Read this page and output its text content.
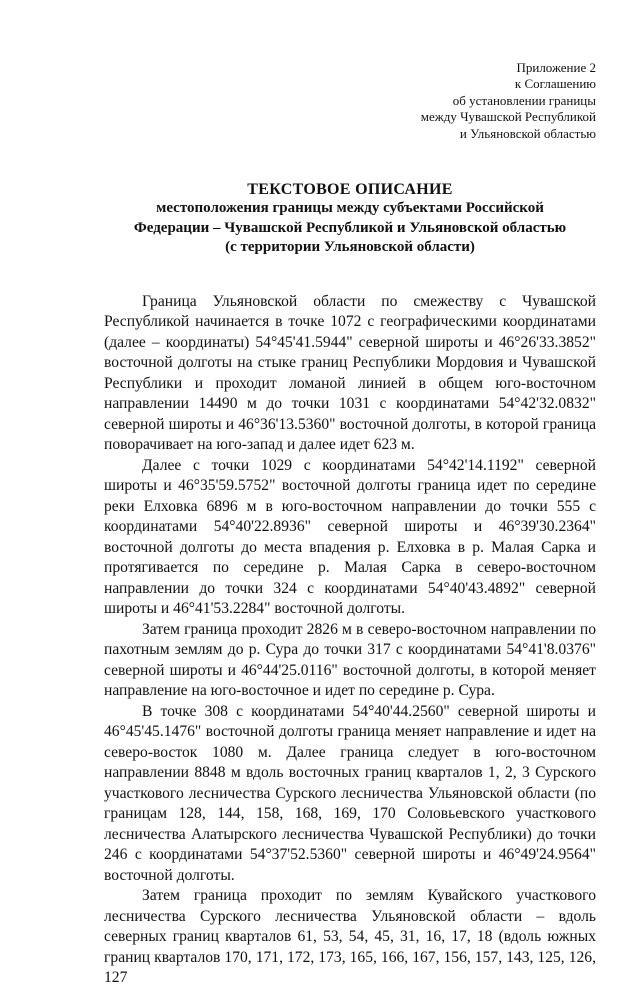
Приложение 2
к Соглашению
об установлении границы
между Чувашской Республикой
и Ульяновской областью
ТЕКСТОВОЕ ОПИСАНИЕ
местоположения границы между субъектами Российской
Федерации – Чувашской Республикой и Ульяновской областью
(с территории Ульяновской области)

Граница Ульяновской области по смежеству с Чувашской Республикой начинается в точке 1072 с географическими координатами (далее – координаты) 54°45'41.5944" северной широты и 46°26'33.3852" восточной долготы на стыке границ Республики Мордовия и Чувашской Республики и проходит ломаной линией в общем юго-восточном направлении 14490 м до точки 1031 с координатами 54°42'32.0832" северной широты и 46°36'13.5360" восточной долготы, в которой граница поворачивает на юго-запад и далее идет 623 м.

Далее с точки 1029 с координатами 54°42'14.1192" северной широты и 46°35'59.5752" восточной долготы граница идет по середине реки Елховка 6896 м в юго-восточном направлении до точки 555 с координатами 54°40'22.8936" северной широты и 46°39'30.2364" восточной долготы до места впадения р. Елховка в р. Малая Сарка и протягивается по середине р. Малая Сарка в северо-восточном направлении до точки 324 с координатами 54°40'43.4892" северной широты и 46°41'53.2284" восточной долготы.

Затем граница проходит 2826 м в северо-восточном направлении по пахотным землям до р. Сура до точки 317 с координатами 54°41'8.0376" северной широты и 46°44'25.0116" восточной долготы, в которой меняет направление на юго-восточное и идет по середине р. Сура.

В точке 308 с координатами 54°40'44.2560" северной широты и 46°45'45.1476" восточной долготы граница меняет направление и идет на северо-восток 1080 м. Далее граница следует в юго-восточном направлении 8848 м вдоль восточных границ кварталов 1, 2, 3 Сурского участкового лесничества Сурского лесничества Ульяновской области (по границам 128, 144, 158, 168, 169, 170 Соловьевского участкового лесничества Алатырского лесничества Чувашской Республики) до точки 246 с координатами 54°37'52.5360" северной широты и 46°49'24.9564" восточной долготы.

Затем граница проходит по землям Кувайского участкового лесничества Сурского лесничества Ульяновской области – вдоль северных границ кварталов 61, 53, 54, 45, 31, 16, 17, 18 (вдоль южных границ кварталов 170, 171, 172, 173, 165, 166, 167, 156, 157, 143, 125, 126, 127
